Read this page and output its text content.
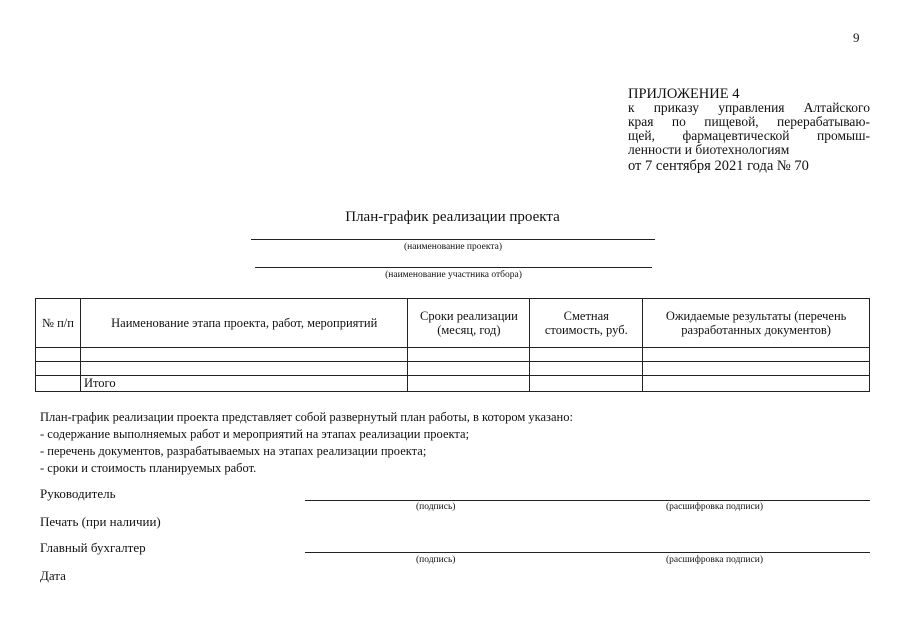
9
ПРИЛОЖЕНИЕ 4
к приказу управления Алтайского
края по пищевой, перерабатываю-
щей, фармацевтической промыш-
ленности и биотехнологиям
от 7 сентября 2021 года № 70
План-график реализации проекта
(наименование проекта)
(наименование участника отбора)
№ п/п	Наименование этапа проекта, работ, мероприятий	Сроки реализации (месяц, год)	Сметная стоимость, руб.	Ожидаемые результаты (перечень разработанных документов)

	Итого			
План-график реализации проекта представляет собой развернутый план работы, в котором указано:
- содержание выполняемых работ и мероприятий на этапах реализации проекта;
- перечень документов, разрабатываемых на этапах реализации проекта;
- сроки и стоимость планируемых работ.
Руководитель
(подпись)	(расшифровка подписи)
Печать (при наличии)
Главный бухгалтер
(подпись)	(расшифровка подписи)
Дата
